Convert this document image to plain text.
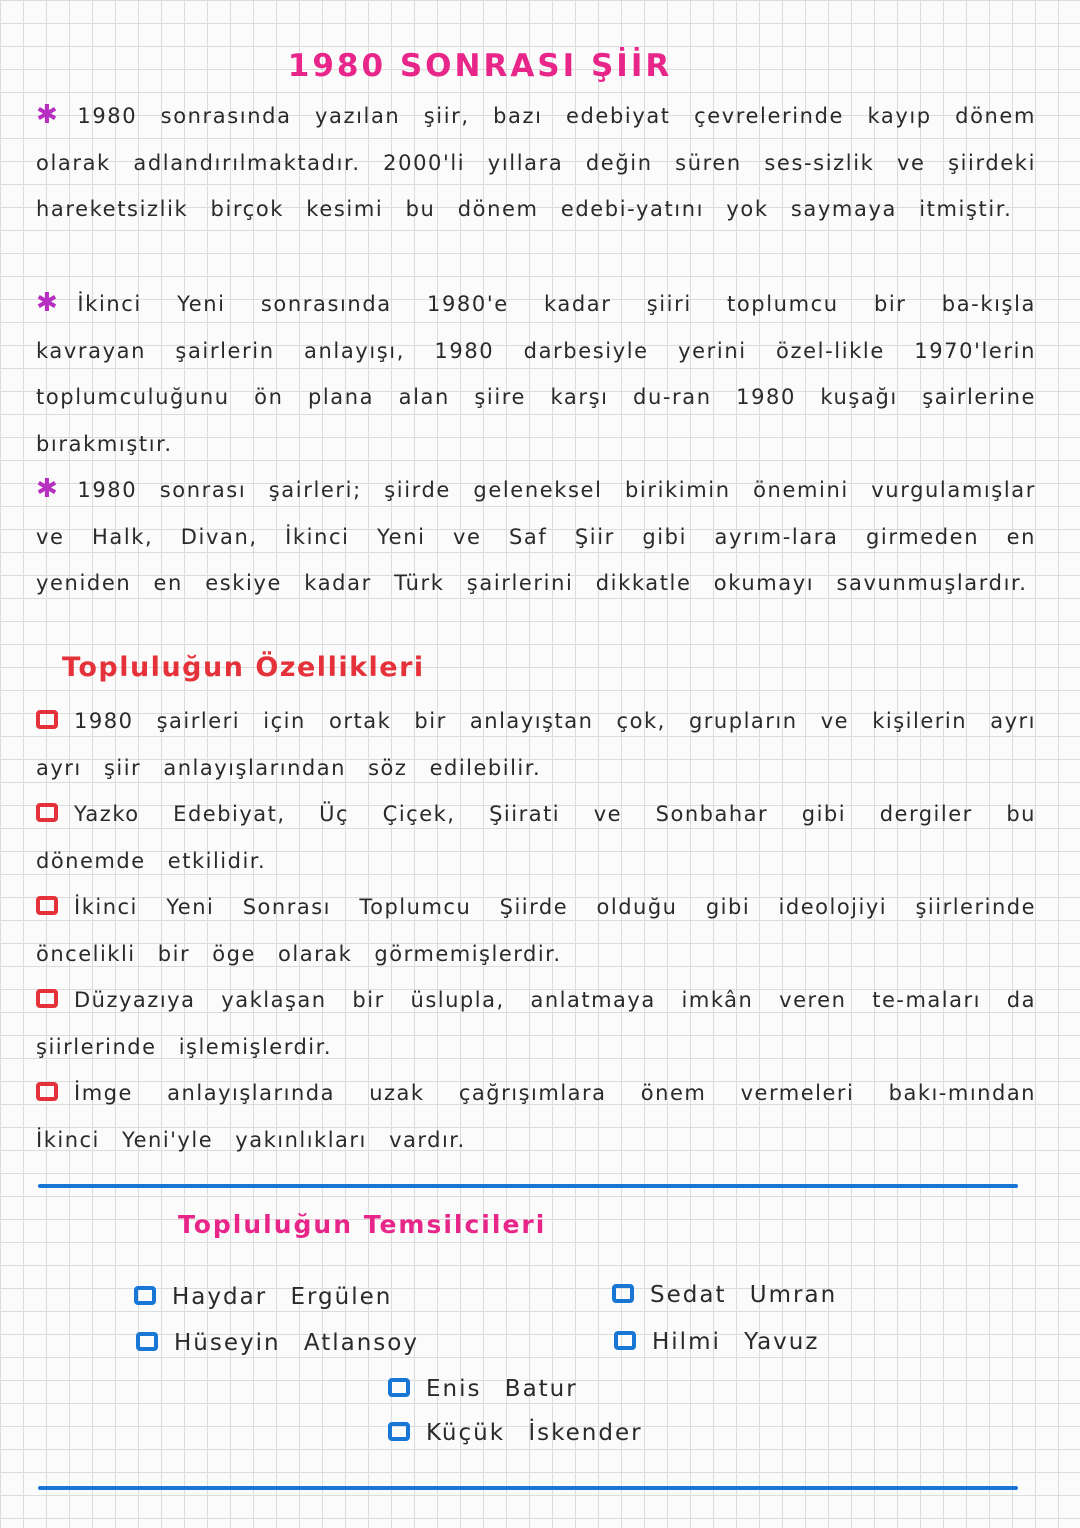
1980 SONRASI ŞİİR

✱ 1980 sonrasında yazılan şiir, bazı edebiyat çevrelerinde kayıp dönem olarak adlandırılmaktadır. 2000'li yıllara değin süren ses-sizlik ve şiirdeki hareketsizlik birçok kesimi bu dönem edebi-yatını yok saymaya itmiştir.

✱ İkinci Yeni sonrasında 1980'e kadar şiiri toplumcu bir ba-kışla kavrayan şairlerin anlayışı, 1980 darbesiyle yerini özel-likle 1970'lerin toplumculuğunu ön plana alan şiire karşı du-ran 1980 kuşağı şairlerine bırakmıştır.

✱ 1980 sonrası şairleri; şiirde geleneksel birikimin önemini vurgulamışlar ve Halk, Divan, İkinci Yeni ve Saf Şiir gibi ayrım-lara girmeden en yeniden en eskiye kadar Türk şairlerini dikkatle okumayı savunmuşlardır.

Topluluğun Özellikleri
1980 şairleri için ortak bir anlayıştan çok, grupların ve kişilerin ayrı ayrı şiir anlayışlarından söz edilebilir.
Yazko Edebiyat, Üç Çiçek, Şiirati ve Sonbahar gibi dergiler bu dönemde etkilidir.
İkinci Yeni Sonrası Toplumcu Şiirde olduğu gibi ideolojiyi şiirlerinde öncelikli bir öge olarak görmemişlerdir.
Düzyazıya yaklaşan bir üslupla, anlatmaya imkân veren te-maları da şiirlerinde işlemişlerdir.
İmge anlayışlarında uzak çağrışımlara önem vermeleri bakı-mından İkinci Yeni'yle yakınlıkları vardır.
Topluluğun Temsilcileri
Haydar Ergülen	Sedat Umran
Hüseyin Atlansoy	Hilmi Yavuz
Enis Batur
Küçük İskender
